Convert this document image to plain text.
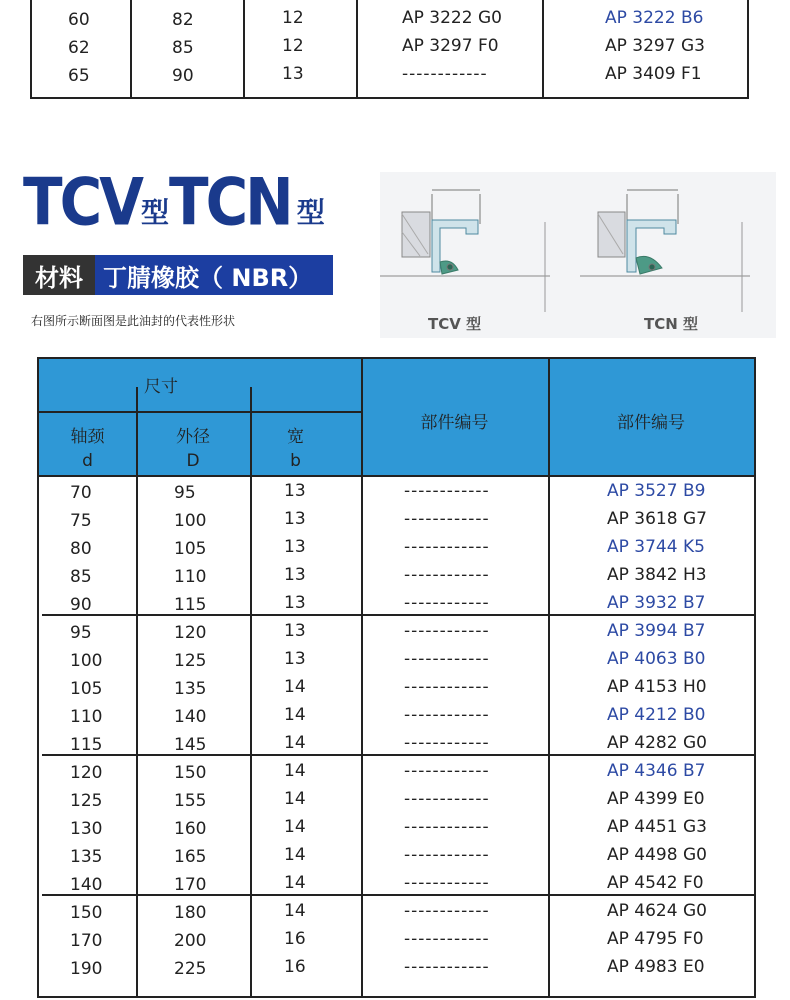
60	82	12	AP 3222 G0	AP 3222 B6
62	85	12	AP 3297 F0	AP 3297 G3
65	90	13	------------	AP 3409 F1
TCV型TCN 型
材料 丁腈橡胶（ NBR）
右图所示断面图是此油封的代表性形状	TCV 型	TCN 型
尺寸
轴颈
d
外径
D
宽
b
部件编号	部件编号
70	95	13	------------	AP 3527 B9
75	100	13	------------	AP 3618 G7
80	105	13	------------	AP 3744 K5
85	110	13	------------	AP 3842 H3
90	115	13	------------	AP 3932 B7
95	120	13	------------	AP 3994 B7
100	125	13	------------	AP 4063 B0
105	135	14	------------	AP 4153 H0
110	140	14	------------	AP 4212 B0
115	145	14	------------	AP 4282 G0
120	150	14	------------	AP 4346 B7
125	155	14	------------	AP 4399 E0
130	160	14	------------	AP 4451 G3
135	165	14	------------	AP 4498 G0
140	170	14	------------	AP 4542 F0
150	180	14	------------	AP 4624 G0
170	200	16	------------	AP 4795 F0
190	225	16	------------	AP 4983 E0
